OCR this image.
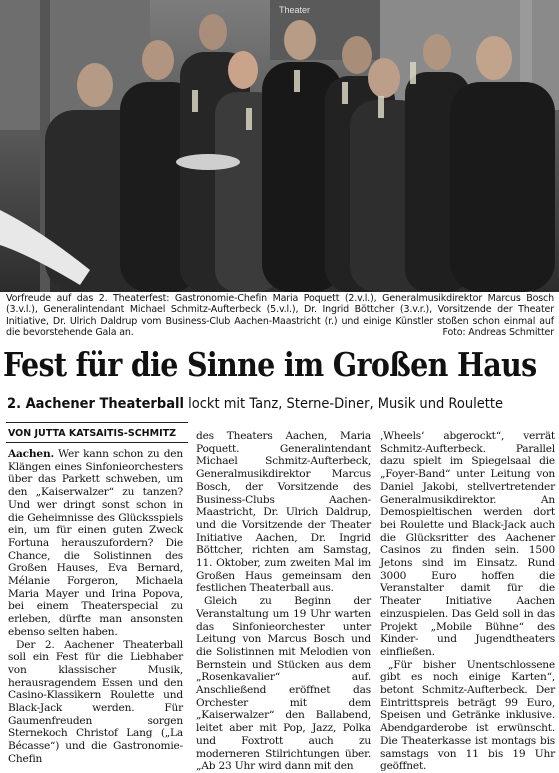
Theater
Vorfreude auf das 2. Theaterfest: Gastronomie-Chefin Maria Poquett (2.v.l.), Generalmusikdirektor Marcus Bosch (3.v.l.), Generalintendant Michael Schmitz-Aufterbeck (5.v.l.), Dr. Ingrid Böttcher (3.v.r.), Vorsitzende der Theater Initiative, Dr. Ulrich Daldrup vom Business-Club Aachen-Maastricht (r.) und einige Künstler stoßen schon einmal auf die bevorstehende Gala an.	Foto: Andreas Schmitter
Fest für die Sinne im Großen Haus
2. Aachener Theaterball lockt mit Tanz, Sterne-Diner, Musik und Roulette
VON JUTTA KATSAITIS-SCHMITZ

Aachen. Wer kann schon zu den Klängen eines Sinfonieorchesters über das Parkett schweben, um den „Kaiserwalzer“ zu tanzen? Und wer dringt sonst schon in die Geheimnisse des Glücksspiels ein, um für einen guten Zweck Fortuna herauszufordern? Die Chance, die Solistinnen des Großen Hauses, Eva Bernard, Mélanie Forgeron, Michaela Maria Mayer und Irina Popova, bei einem Theaterspecial zu erleben, dürfte man ansonsten ebenso selten haben.

Der 2. Aachener Theaterball soll ein Fest für die Liebhaber von klassischer Musik, herausragendem Essen und den Casino-Klassikern Roulette und Black-Jack werden. Für Gaumenfreuden sorgen Sternekoch Christof Lang („La Bécasse“) und die Gastronomie-Chefin

des Theaters Aachen, Maria Poquett. Generalintendant Michael Schmitz-Aufterbeck, Generalmusikdirektor Marcus Bosch, der Vorsitzende des Business-Clubs Aachen-Maastricht, Dr. Ulrich Daldrup, und die Vorsitzende der Theater Initiative Aachen, Dr. Ingrid Böttcher, richten am Samstag, 11. Oktober, zum zweiten Mal im Großen Haus gemeinsam den festlichen Theaterball aus.

Gleich zu Beginn der Veranstaltung um 19 Uhr warten das Sinfonieorchester unter Leitung von Marcus Bosch und die Solistinnen mit Melodien von Bernstein und Stücken aus dem „Rosenkavalier“ auf. Anschließend eröffnet das Orchester mit dem „Kaiserwalzer“ den Ballabend, leitet aber mit Pop, Jazz, Polka und Foxtrott auch zu moderneren Stilrichtungen über. „Ab 23 Uhr wird dann mit den

‚Wheels‘ abgerockt“, verrät Schmitz-Aufterbeck. Parallel dazu spielt im Spiegelsaal die „Foyer-Band“ unter Leitung von Daniel Jakobi, stellvertretender Generalmusikdirektor. An Demospieltischen werden dort bei Roulette und Black-Jack auch die Glücksritter des Aachener Casinos zu finden sein. 1500 Jetons sind im Einsatz. Rund 3000 Euro hoffen die Veranstalter damit für die Theater Initiative Aachen einzuspielen. Das Geld soll in das Projekt „Mobile Bühne“ des Kinder- und Jugendtheaters einfließen.

„Für bisher Unentschlossene gibt es noch einige Karten“, betont Schmitz-Aufterbeck. Der Eintrittspreis beträgt 99 Euro, Speisen und Getränke inklusive. Abendgarderobe ist erwünscht. Die Theaterkasse ist montags bis samstags von 11 bis 19 Uhr geöffnet.
